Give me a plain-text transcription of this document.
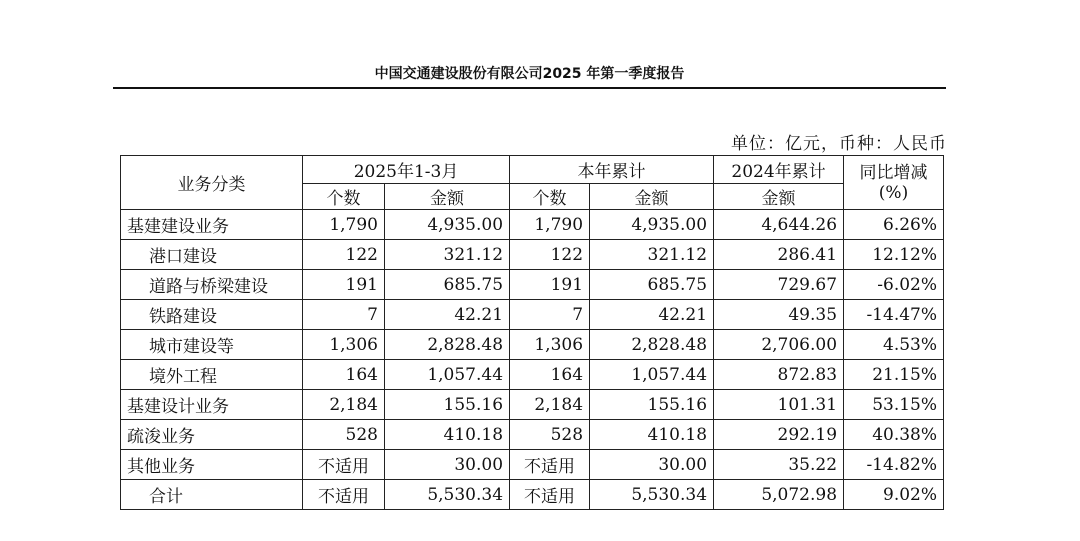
中国交通建设股份有限公司2025 年第一季度报告
单位：亿元，币种：人民币
业务分类	2025年1-3月		本年累计		2024年累计	同比增减
(%)

	个数	金额	个数	金额	金额	
基建建设业务	1,790	4,935.00	1,790	4,935.00	4,644.26	6.26%
港口建设	122	321.12	122	321.12	286.41	12.12%
道路与桥梁建设	191	685.75	191	685.75	729.67	-6.02%
铁路建设	7	42.21	7	42.21	49.35	-14.47%
城市建设等	1,306	2,828.48	1,306	2,828.48	2,706.00	4.53%
境外工程	164	1,057.44	164	1,057.44	872.83	21.15%
基建设计业务	2,184	155.16	2,184	155.16	101.31	53.15%
疏浚业务	528	410.18	528	410.18	292.19	40.38%
其他业务	不适用	30.00	不适用	30.00	35.22	-14.82%
合计	不适用	5,530.34	不适用	5,530.34	5,072.98	9.02%
